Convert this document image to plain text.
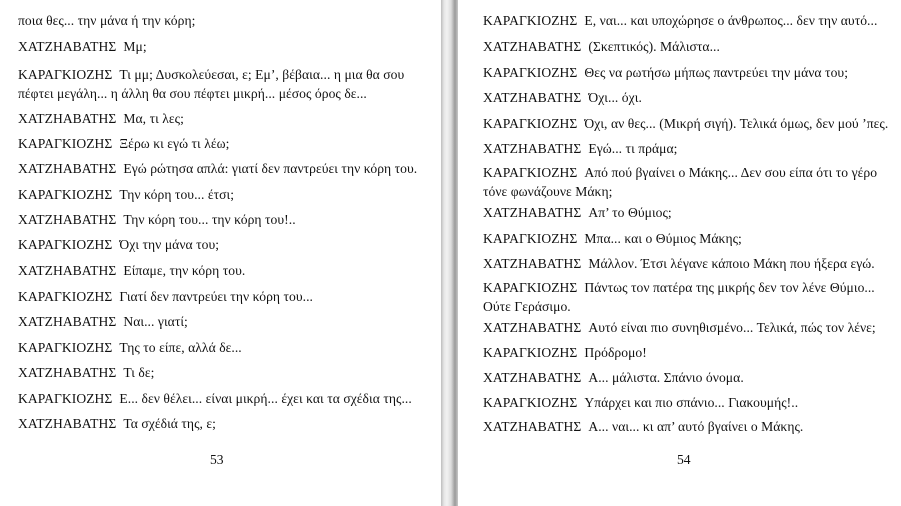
ποια θες... την μάνα ή την κόρη;
ΧΑΤΖΗΑΒΑΤΗΣ Μμ;
ΚΑΡΑΓΚΙΟΖΗΣ Τι μμ; Δυσκολεύεσαι, ε; Εμ’, βέβαια... η μια θα σου
πέφτει μεγάλη... η άλλη θα σου πέφτει μικρή... μέσος όρος δε...
ΧΑΤΖΗΑΒΑΤΗΣ Μα, τι λες;
ΚΑΡΑΓΚΙΟΖΗΣ Ξέρω κι εγώ τι λέω;
ΧΑΤΖΗΑΒΑΤΗΣ Εγώ ρώτησα απλά: γιατί δεν παντρεύει την κόρη του.
ΚΑΡΑΓΚΙΟΖΗΣ Την κόρη του... έτσι;
ΧΑΤΖΗΑΒΑΤΗΣ Την κόρη του... την κόρη του!..
ΚΑΡΑΓΚΙΟΖΗΣ Όχι την μάνα του;
ΧΑΤΖΗΑΒΑΤΗΣ Είπαμε, την κόρη του.
ΚΑΡΑΓΚΙΟΖΗΣ Γιατί δεν παντρεύει την κόρη του...
ΧΑΤΖΗΑΒΑΤΗΣ Ναι... γιατί;
ΚΑΡΑΓΚΙΟΖΗΣ Της το είπε, αλλά δε...
ΧΑΤΖΗΑΒΑΤΗΣ Τι δε;
ΚΑΡΑΓΚΙΟΖΗΣ Ε... δεν θέλει... είναι μικρή... έχει και τα σχέδια της...
ΧΑΤΖΗΑΒΑΤΗΣ Τα σχέδιά της, ε;
53
ΚΑΡΑΓΚΙΟΖΗΣ Ε, ναι... και υποχώρησε ο άνθρωπος... δεν την αυτό...
ΧΑΤΖΗΑΒΑΤΗΣ (Σκεπτικός). Μάλιστα...
ΚΑΡΑΓΚΙΟΖΗΣ Θες να ρωτήσω μήπως παντρεύει την μάνα του;
ΧΑΤΖΗΑΒΑΤΗΣ Όχι... όχι.
ΚΑΡΑΓΚΙΟΖΗΣ Όχι, αν θες... (Μικρή σιγή). Τελικά όμως, δεν μού ’πες.
ΧΑΤΖΗΑΒΑΤΗΣ Εγώ... τι πράμα;
ΚΑΡΑΓΚΙΟΖΗΣ Από πού βγαίνει ο Μάκης... Δεν σου είπα ότι το γέρο
τόνε φωνάζουνε Μάκη;
ΧΑΤΖΗΑΒΑΤΗΣ Απ’ το Θύμιος;
ΚΑΡΑΓΚΙΟΖΗΣ Μπα... και ο Θύμιος Μάκης;
ΧΑΤΖΗΑΒΑΤΗΣ Μάλλον. Έτσι λέγανε κάποιο Μάκη που ήξερα εγώ.
ΚΑΡΑΓΚΙΟΖΗΣ Πάντως τον πατέρα της μικρής δεν τον λένε Θύμιο...
Ούτε Γεράσιμο.
ΧΑΤΖΗΑΒΑΤΗΣ Αυτό είναι πιο συνηθισμένο... Τελικά, πώς τον λένε;
ΚΑΡΑΓΚΙΟΖΗΣ Πρόδρομο!
ΧΑΤΖΗΑΒΑΤΗΣ Α... μάλιστα. Σπάνιο όνομα.
ΚΑΡΑΓΚΙΟΖΗΣ Υπάρχει και πιο σπάνιο... Γιακουμής!..
ΧΑΤΖΗΑΒΑΤΗΣ Α... ναι... κι απ’ αυτό βγαίνει ο Μάκης.
54
